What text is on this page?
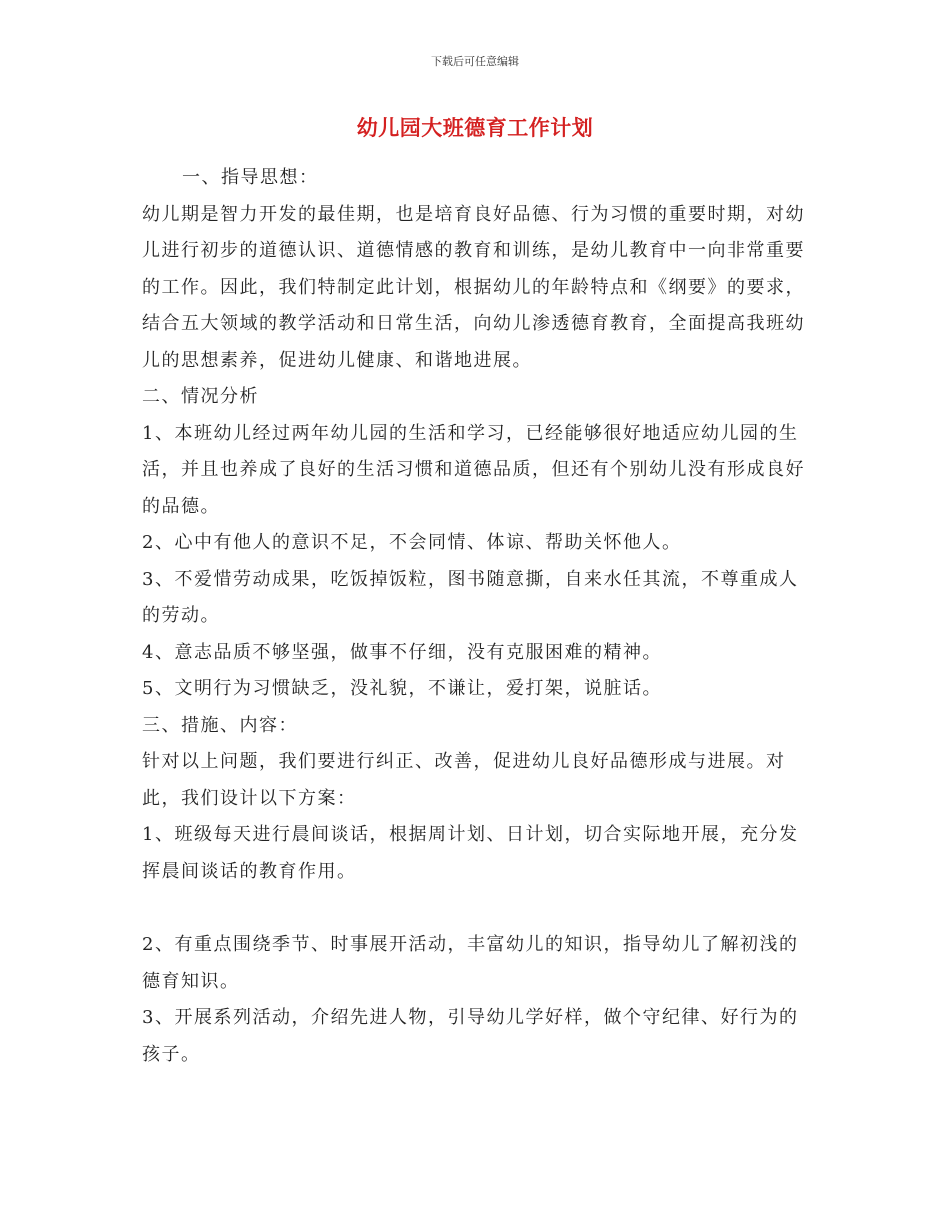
下载后可任意编辑
幼儿园大班德育工作计划

一、指导思想：

幼儿期是智力开发的最佳期，也是培育良好品德、行为习惯的重要时期，对幼儿进行初步的道德认识、道德情感的教育和训练，是幼儿教育中一向非常重要的工作。因此，我们特制定此计划，根据幼儿的年龄特点和《纲要》的要求，结合五大领域的教学活动和日常生活，向幼儿渗透德育教育，全面提高我班幼儿的思想素养，促进幼儿健康、和谐地进展。

二、情况分析

1、本班幼儿经过两年幼儿园的生活和学习，已经能够很好地适应幼儿园的生活，并且也养成了良好的生活习惯和道德品质，但还有个别幼儿没有形成良好的品德。

2、心中有他人的意识不足，不会同情、体谅、帮助关怀他人。

3、不爱惜劳动成果，吃饭掉饭粒，图书随意撕，自来水任其流，不尊重成人的劳动。

4、意志品质不够坚强，做事不仔细，没有克服困难的精神。

5、文明行为习惯缺乏，没礼貌，不谦让，爱打架，说脏话。

三、措施、内容：

针对以上问题，我们要进行纠正、改善，促进幼儿良好品德形成与进展。对此，我们设计以下方案：

1、班级每天进行晨间谈话，根据周计划、日计划，切合实际地开展，充分发挥晨间谈话的教育作用。

2、有重点围绕季节、时事展开活动，丰富幼儿的知识，指导幼儿了解初浅的德育知识。

3、开展系列活动，介绍先进人物，引导幼儿学好样，做个守纪律、好行为的孩子。
